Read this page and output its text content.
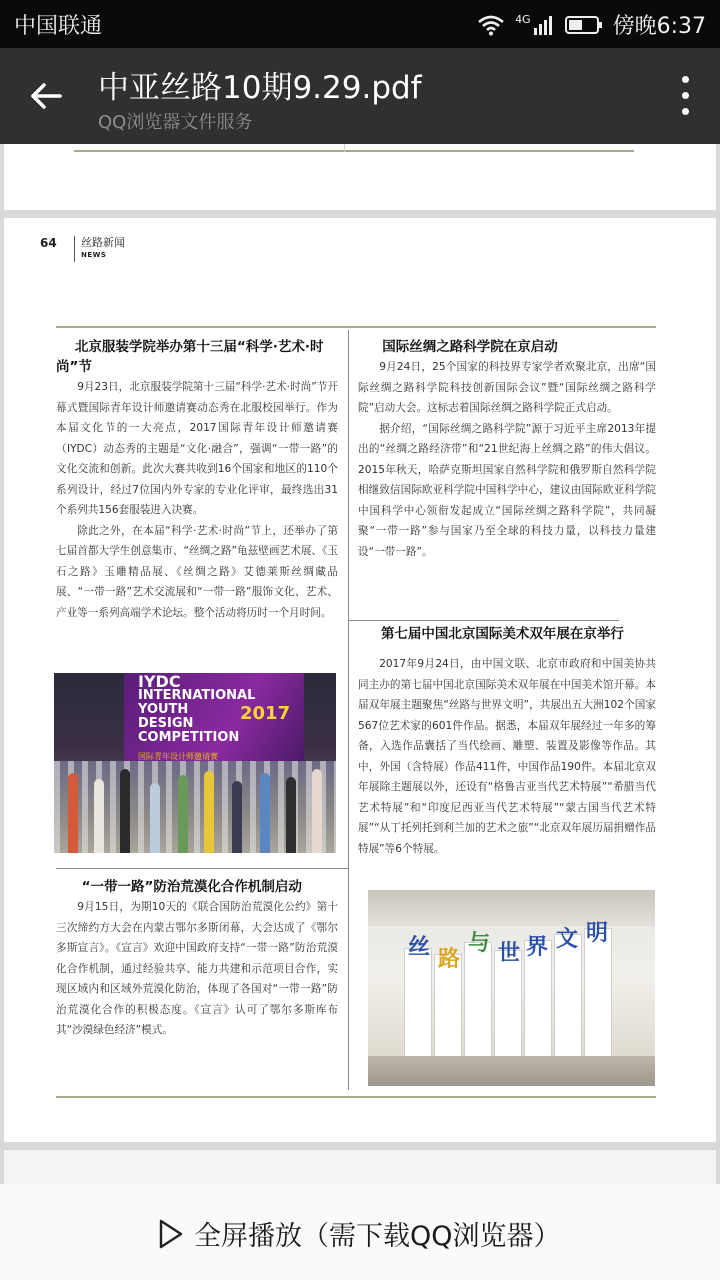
中国联通	4G	傍晚6:37
中亚丝路10期9.29.pdf
QQ浏览器文件服务
64	丝路新闻
NEWS
北京服装学院举办第十三届“科学·艺术·时尚”节

9月23日，北京服装学院第十三届“科学·艺术·时尚”节开幕式暨国际青年设计师邀请赛动态秀在北服校园举行。作为本届文化节的一大亮点，2017国际青年设计师邀请赛（IYDC）动态秀的主题是“文化·融合”，强调“一带一路”的文化交流和创新。此次大赛共收到16个国家和地区的110个系列设计，经过7位国内外专家的专业化评审，最终选出31个系列共156套服装进入决赛。

除此之外，在本届“科学·艺术·时尚”节上，还举办了第七届首都大学生创意集市、“丝绸之路”龟兹壁画艺术展、《玉石之路》玉雕精品展、《丝绸之路》艾德莱斯丝绸藏品展、“一带一路”艺术交流展和“一带一路”服饰文化、艺术、产业等一系列高端学术论坛。整个活动将历时一个月时间。

IYDC
INTERNATIONAL
YOUTH
DESIGN
COMPETITION
2017
国际青年设计师邀请赛
国际丝绸之路科学院在京启动

9月24日，25个国家的科技界专家学者欢聚北京，出席“国际丝绸之路科学院科技创新国际会议”暨“国际丝绸之路科学院”启动大会。这标志着国际丝绸之路科学院正式启动。

据介绍，“国际丝绸之路科学院”源于习近平主席2013年提出的“丝绸之路经济带”和“21世纪海上丝绸之路”的伟大倡议。2015年秋天，哈萨克斯坦国家自然科学院和俄罗斯自然科学院相继致信国际欧亚科学院中国科学中心，建议由国际欧亚科学院中国科学中心领衔发起成立“国际丝绸之路科学院”，共同凝聚“一带一路”参与国家乃至全球的科技力量，以科技力量建设“一带一路”。

第七届中国北京国际美术双年展在京举行

2017年9月24日，由中国文联、北京市政府和中国美协共同主办的第七届中国北京国际美术双年展在中国美术馆开幕。本届双年展主题聚焦“丝路与世界文明”，共展出五大洲102个国家567位艺术家的601件作品。据悉，本届双年展经过一年多的筹备，入选作品囊括了当代绘画、雕塑、装置及影像等作品。其中，外国（含特展）作品411件，中国作品190件。本届北京双年展除主题展以外，还设有“格鲁吉亚当代艺术特展”“希腊当代艺术特展”和“印度尼西亚当代艺术特展”“蒙古国当代艺术特展”“从丁托列托到利兰加的艺术之旅”“北京双年展历届捐赠作品特展”等6个特展。

“一带一路”防治荒漠化合作机制启动

9月15日，为期10天的《联合国防治荒漠化公约》第十三次缔约方大会在内蒙古鄂尔多斯闭幕，大会达成了《鄂尔多斯宣言》。《宣言》欢迎中国政府支持“一带一路”防治荒漠化合作机制，通过经验共享、能力共建和示范项目合作，实现区域内和区域外荒漠化防治，体现了各国对“一带一路”防治荒漠化合作的积极态度。《宣言》认可了鄂尔多斯库布其“沙漠绿色经济”模式。

丝 路
与 世 界 文 明
全屏播放（需下载QQ浏览器）
